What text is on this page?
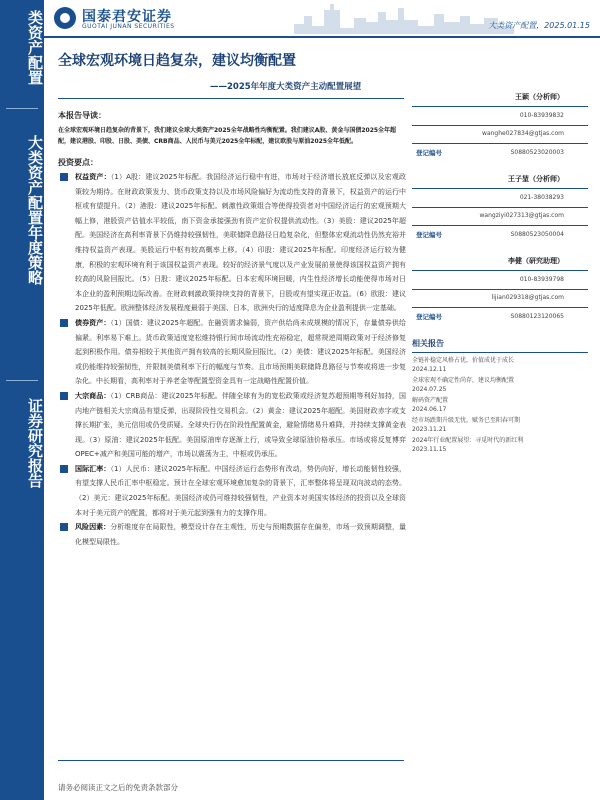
类资产配置
大类资产配置年度策略
证券研究报告
国泰君安证券
GUOTAI JUNAN SECURITIES	大类资产配置，2025.01.15
全球宏观环境日趋复杂，建议均衡配置
——2025年年度大类资产主动配置展望
本报告导读：
在全球宏观环境日趋复杂的背景下，我们建议全球大类资产2025全年战略性均衡配置。我们建议A股、黄金与国债2025全年超配，建议港股、印股、日股、美债、CRB商品、人民币与美元2025全年标配，建议欧股与原油2025全年低配。
投资要点：
权益资产：（1）A股：建议2025年标配。我国经济运行稳中有进，市场对于经济增长放底反弹以及宏观政策较为期待。在财政政策发力、货币政策支持以及市场风险偏好为流动性支持的背景下，权益资产的运行中枢或有望提升。（2）港股：建议2025年标配。刺激性政策组合等使得投资者对中国经济运行的宏观预期大幅上修，港股资产估值水平较低，南下资金承接强劲有资产定价权提供流动性。（3）美股：建议2025年超配。美国经济在高利率背景下仍维持较强韧性，美联储降息路径日趋复杂化，但整体宏观流动性仍然充裕并维持权益资产表现。美股运行中枢有较高概率上移。（4）印股：建议2025年标配。印度经济运行较为健康，积极的宏观环境有利于该国权益资产表现。较好的经济景气度以及产业发展前景使得该国权益资产拥有较高的风险回报比。（5）日股：建议2025年标配。日本宏观环境回暖，内生性经济增长动能使得市场对日本企业的盈利预期边际改善。在财政刺激政策持续支持的背景下，日股或有望实现正收益。（6）欧股：建议2025年低配。欧洲整体经济发展程度最弱于美国、日本，欧洲央行的适度降息为企业盈利提供一定基础。
债券资产：（1）国债：建议2025年超配。在融资需求偏弱，资产供给尚未成规模的情况下，存量债券供给偏紧。利率易下难上。货币政策适度宽松维持银行间市场流动性充裕稳定，超常规逆周期政策对于经济修复起到积极作用。债券相较于其他资产拥有较高的长期风险回报比。（2）美债：建议2025年标配。美国经济或仍能维持较强韧性，并限制美债利率下行的幅度与节奏。且市场预期美联储降息路径与节奏或将进一步复杂化。中长期看，高利率对于养老金等配置型资金具有一定战略性配置价值。
大宗商品：（1）CRB商品：建议2025年标配。伴随全球有为的宽松政策或经济复苏超预期等利好加持，国内地产链相关大宗商品有望反弹，出现阶段性交易机会。（2）黄金：建议2025年超配。美国财政赤字或支撑长期扩张，美元信用或仍受质疑。全球央行仍在阶段性配置黄金，避险情绪易升难降，并持续支撑黄金表现。（3）原油：建议2025年低配。美国原油库存逐渐上行，或导致全球原油价格承压。市场或将反复博弈OPEC+减产和美国可能的增产，市场以震荡为主，中枢或仍承压。
国际汇率：（1）人民币：建议2025年标配。中国经济运行态势形有改动，势仍向好，增长动能韧性较强，有望支撑人民币汇率中枢稳定。预计在全球宏观环境愈加复杂的背景下，汇率整体将呈现双向波动的态势。（2）美元：建议2025年标配。美国经济或仍可维持较强韧性，产业资本对美国实体经济的投资以及全球资本对于美元资产的配置，都将对于美元起到强有力的支撑作用。
风险因素：分析维度存在局限性，模型设计存在主观性，历史与预期数据存在偏差，市场一致预期调整，量化模型局限性。
王颖（分析师）
010-83939832
wanghe027834@gtjas.com
登记编号	S0880523020003
王子堃（分析师）
021-38038293
wangziyi027313@gtjas.com
登记编号	S0880523050004
李健（研究助理）
010-83939798
lijian029318@gtjas.com
登记编号	S0880123120065
相关报告
全链补稳定风格占优，价值成优于成长
2024.12.11
全球宏观不确定性尚存，建议均衡配置
2024.07.25
解码资产配置
2024.06.17
经市场跌期升级无忧，赋务已至阳春可期
2023.11.21
2024年行业配置展望：寻觅时代的新红利
2023.11.15
请务必阅读正文之后的免责条款部分
